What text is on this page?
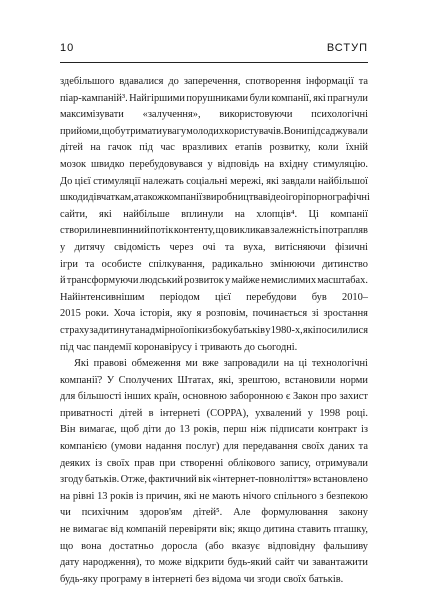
10	ВСТУП
здебільшого вдавалися до заперечення, спотворення інформації та
піар-кампаній³. Найгіршими порушниками були компанії, які прагнули
максимізувати «залучення», використовуючи психологічні
прийоми, щоб утримати увагу молодих користувачів. Вони підсаджували
дітей на гачок під час вразливих етапів розвитку, коли їхній
мозок швидко перебудовувався у відповідь на вхідну стимуляцію.
До цієї стимуляції належать соціальні мережі, які завдали найбільшої
шкоди дівчаткам, а також компанії з виробництва відеоігор і порнографічні
сайти, які найбільше вплинули на хлопців⁴. Ці компанії
створили невпинний потік контенту, що викликав залежність і потрапляв
у дитячу свідомість через очі та вуха, витісняючи фізичні
ігри та особисте спілкування, радикально змінюючи дитинство
й трансформуючи людський розвиток у майже немислимих масштабах.
Найінтенсивнішим періодом цієї перебудови був 2010–
2015 роки. Хоча історія, яку я розповім, починається зі зростання
страху за дитину та надмірної опіки з боку батьків у 1980-х, які посилилися
під час пандемії коронавірусу і тривають до сьогодні.
Які правові обмеження ми вже запровадили на ці технологічні
компанії? У Сполучених Штатах, які, зрештою, встановили норми
для більшості інших країн, основною заборонною є Закон про захист
приватності дітей в інтернеті (COPPA), ухвалений у 1998 році.
Він вимагає, щоб діти до 13 років, перш ніж підписати контракт із
компанією (умови надання послуг) для передавання своїх даних та
деяких із своїх прав при створенні облікового запису, отримували
згоду батьків. Отже, фактичний вік «інтернет-повноліття» встановлено
на рівні 13 років із причин, які не мають нічого спільного з безпекою
чи психічним здоров'ям дітей⁵. Але формулювання закону
не вимагає від компаній перевіряти вік; якщо дитина ставить пташку,
що вона достатньо доросла (або вказує відповідну фальшиву
дату народження), то може відкрити будь-який сайт чи завантажити
будь-яку програму в інтернеті без відома чи згоди своїх батьків.
